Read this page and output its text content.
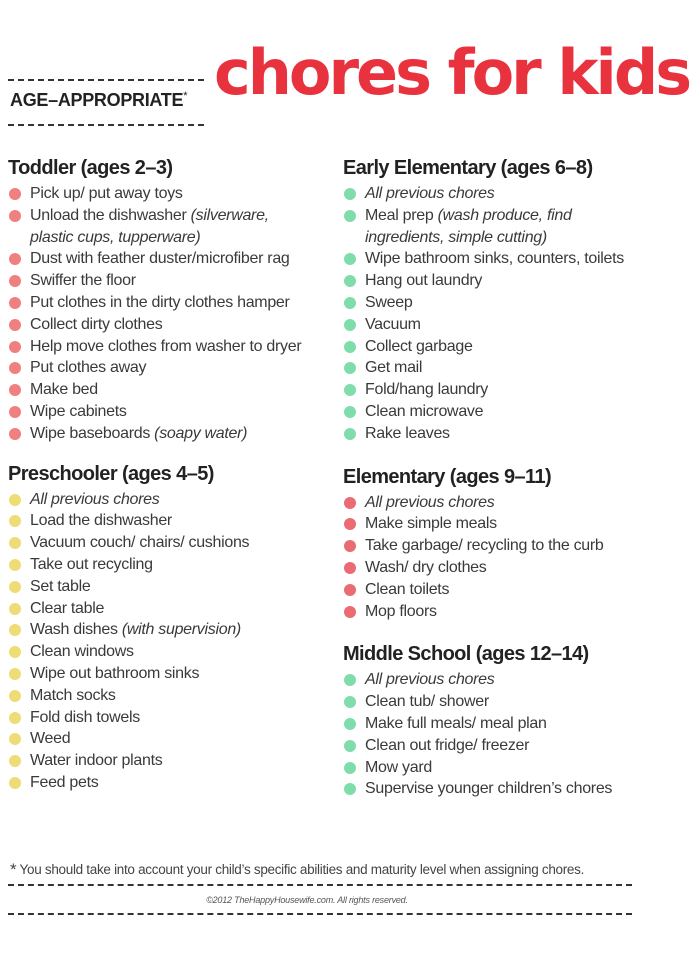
AGE–APPROPRIATE* chores for kids
Toddler (ages 2–3)
Pick up/ put away toys
Unload the dishwasher (silverware,
plastic cups, tupperware)
Dust with feather duster/microfiber rag
Swiffer the floor
Put clothes in the dirty clothes hamper
Collect dirty clothes
Help move clothes from washer to dryer
Put clothes away
Make bed
Wipe cabinets
Wipe baseboards (soapy water)
Preschooler (ages 4–5)
All previous chores
Load the dishwasher
Vacuum couch/ chairs/ cushions
Take out recycling
Set table
Clear table
Wash dishes (with supervision)
Clean windows
Wipe out bathroom sinks
Match socks
Fold dish towels
Weed
Water indoor plants
Feed pets
Early Elementary (ages 6–8)
All previous chores
Meal prep (wash produce, find
ingredients, simple cutting)
Wipe bathroom sinks, counters, toilets
Hang out laundry
Sweep
Vacuum
Collect garbage
Get mail
Fold/hang laundry
Clean microwave
Rake leaves
Elementary (ages 9–11)
All previous chores
Make simple meals
Take garbage/ recycling to the curb
Wash/ dry clothes
Clean toilets
Mop floors
Middle School (ages 12–14)
All previous chores
Clean tub/ shower
Make full meals/ meal plan
Clean out fridge/ freezer
Mow yard
Supervise younger children’s chores
* You should take into account your child’s specific abilities and maturity level when assigning chores.
©2012 TheHappyHousewife.com. All rights reserved.
